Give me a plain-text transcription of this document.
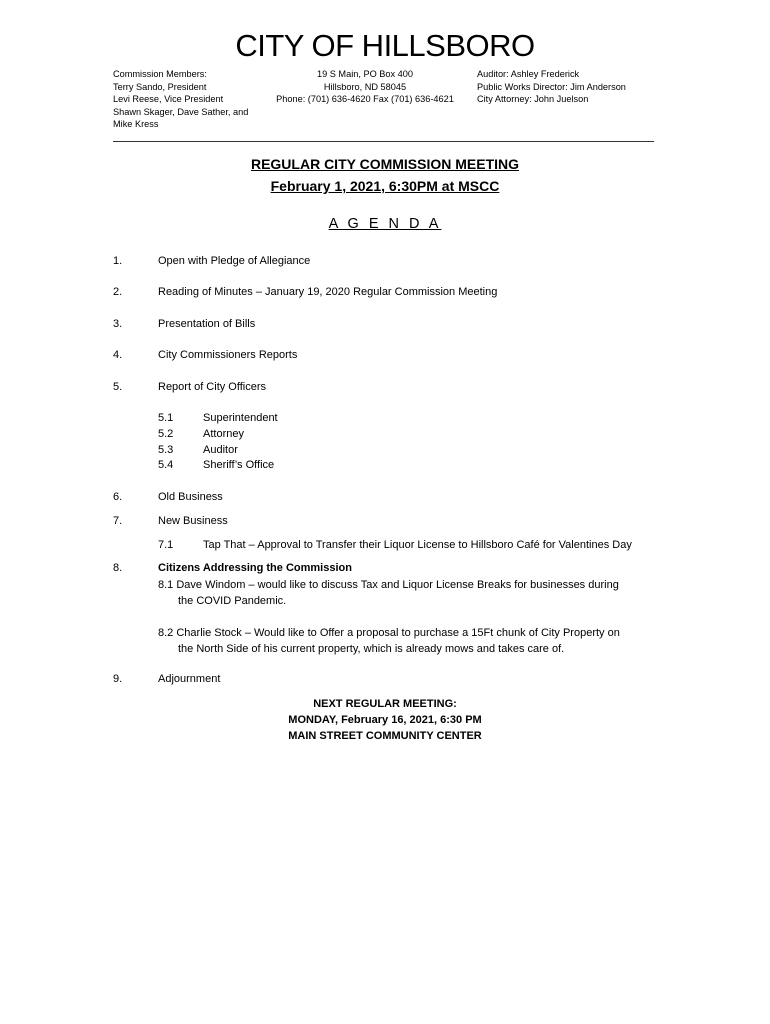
CITY OF HILLSBORO
Commission Members:
Terry Sando, President
Levi Reese, Vice President
Shawn Skager, Dave Sather, and
Mike Kress
19 S Main, PO Box 400
Hillsboro, ND 58045
Phone: (701) 636-4620 Fax (701) 636-4621
Auditor: Ashley Frederick
Public Works Director: Jim Anderson
City Attorney: John Juelson
REGULAR CITY COMMISSION MEETING
February 1, 2021, 6:30PM at MSCC
A G E N D A
1.	Open with Pledge of Allegiance
2.	Reading of Minutes – January 19, 2020 Regular Commission Meeting
3.	Presentation of Bills
4.	City Commissioners Reports
5.	Report of City Officers
5.1	Superintendent
5.2	Attorney
5.3	Auditor
5.4	Sheriff’s Office
6.	Old Business
7.	New Business
7.1	Tap That – Approval to Transfer their Liquor License to Hillsboro Café for Valentines Day
8.	Citizens Addressing the Commission
8.1 Dave Windom – would like to discuss Tax and Liquor License Breaks for businesses during
the COVID Pandemic.
8.2 Charlie Stock – Would like to Offer a proposal to purchase a 15Ft chunk of City Property on
the North Side of his current property, which is already mows and takes care of.
9.	Adjournment
NEXT REGULAR MEETING:
MONDAY, February 16, 2021, 6:30 PM
MAIN STREET COMMUNITY CENTER
